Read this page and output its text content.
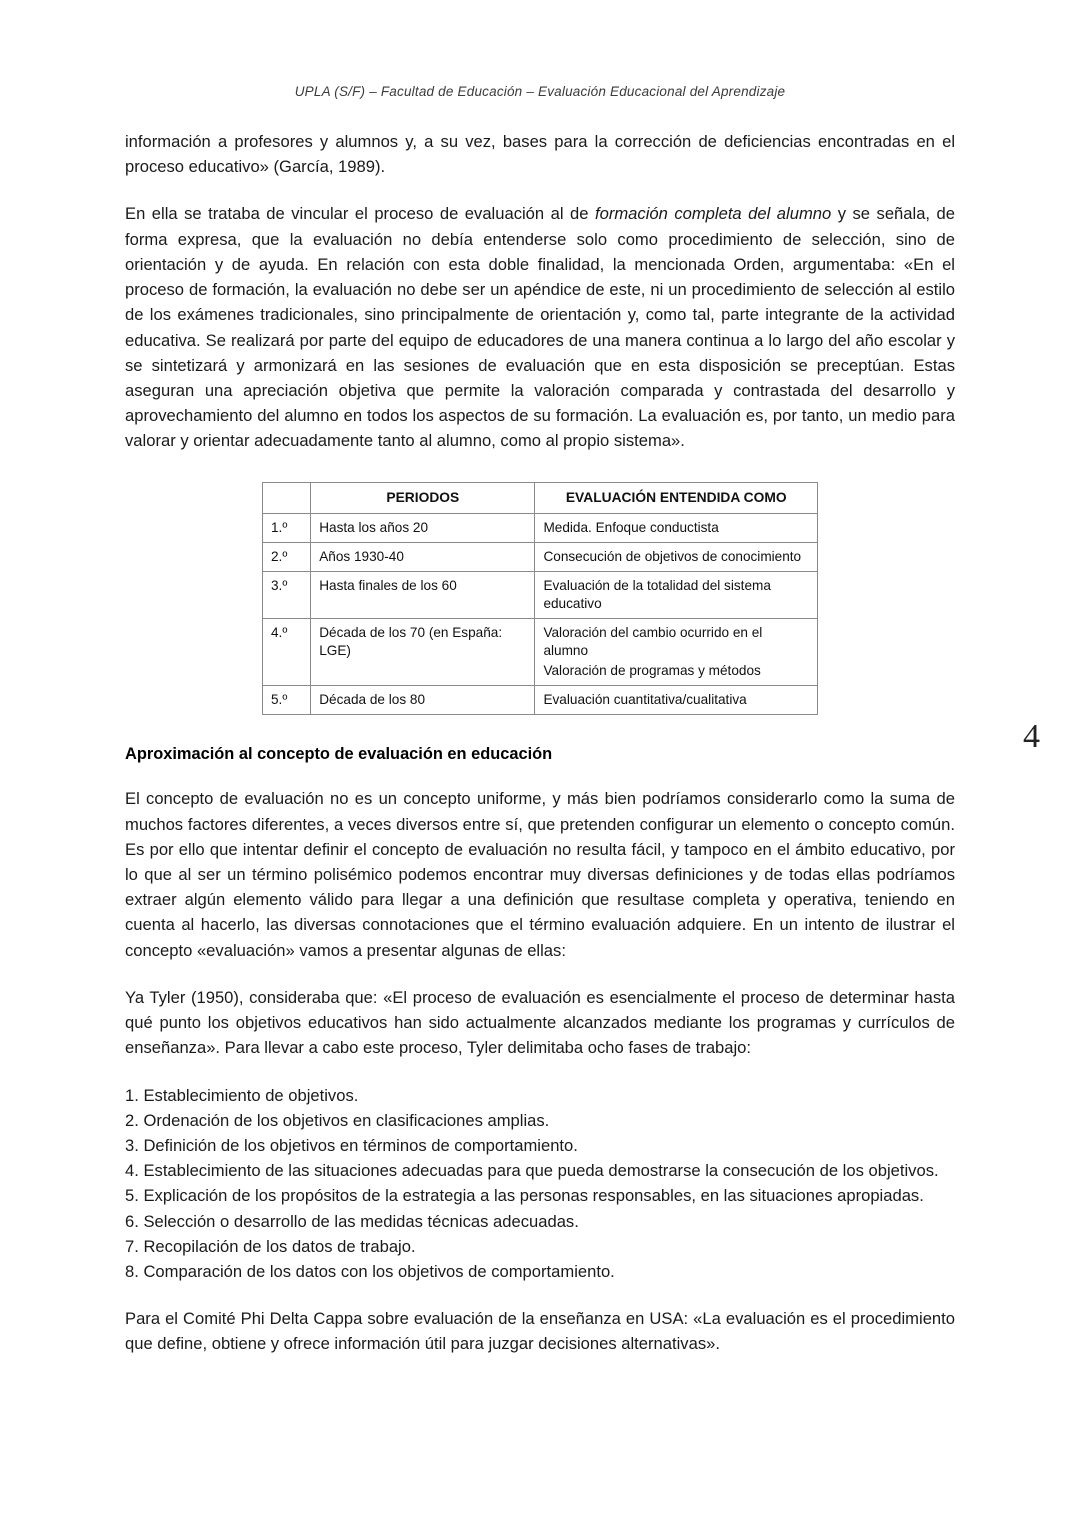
UPLA (S/F) – Facultad de Educación – Evaluación Educacional del Aprendizaje
4

información a profesores y alumnos y, a su vez, bases para la corrección de deficiencias encontradas en el proceso educativo» (García, 1989).

En ella se trataba de vincular el proceso de evaluación al de formación completa del alumno y se señala, de forma expresa, que la evaluación no debía entenderse solo como procedimiento de selección, sino de orientación y de ayuda. En relación con esta doble finalidad, la mencionada Orden, argumentaba: «En el proceso de formación, la evaluación no debe ser un apéndice de este, ni un procedimiento de selección al estilo de los exámenes tradicionales, sino principalmente de orientación y, como tal, parte integrante de la actividad educativa. Se realizará por parte del equipo de educadores de una manera continua a lo largo del año escolar y se sintetizará y armonizará en las sesiones de evaluación que en esta disposición se preceptúan. Estas aseguran una apreciación objetiva que permite la valoración comparada y contrastada del desarrollo y aprovechamiento del alumno en todos los aspectos de su formación. La evaluación es, por tanto, un medio para valorar y orientar adecuadamente tanto al alumno, como al propio sistema».

	PERIODOS	EVALUACIÓN ENTENDIDA COMO
1.º	Hasta los años 20	Medida. Enfoque conductista

2.º	Años 1930-40	Consecución de objetivos de conocimiento

3.º	Hasta finales de los 60	Evaluación de la totalidad del sistema educativo

4.º	Década de los 70 (en España: LGE)	Valoración del cambio ocurrido en el alumno
Valoración de programas y métodos

5.º	Década de los 80	Evaluación cuantitativa/cualitativa
Aproximación al concepto de evaluación en educación

El concepto de evaluación no es un concepto uniforme, y más bien podríamos considerarlo como la suma de muchos factores diferentes, a veces diversos entre sí, que pretenden configurar un elemento o concepto común. Es por ello que intentar definir el concepto de evaluación no resulta fácil, y tampoco en el ámbito educativo, por lo que al ser un término polisémico podemos encontrar muy diversas definiciones y de todas ellas podríamos extraer algún elemento válido para llegar a una definición que resultase completa y operativa, teniendo en cuenta al hacerlo, las diversas connotaciones que el término evaluación adquiere. En un intento de ilustrar el concepto «evaluación» vamos a presentar algunas de ellas:

Ya Tyler (1950), consideraba que: «El proceso de evaluación es esencialmente el proceso de determinar hasta qué punto los objetivos educativos han sido actualmente alcanzados mediante los programas y currículos de enseñanza». Para llevar a cabo este proceso, Tyler delimitaba ocho fases de trabajo:

1. Establecimiento de objetivos.
2. Ordenación de los objetivos en clasificaciones amplias.
3. Definición de los objetivos en términos de comportamiento.
4. Establecimiento de las situaciones adecuadas para que pueda demostrarse la consecución de los objetivos.
5. Explicación de los propósitos de la estrategia a las personas responsables, en las situaciones apropiadas.
6. Selección o desarrollo de las medidas técnicas adecuadas.
7. Recopilación de los datos de trabajo.
8. Comparación de los datos con los objetivos de comportamiento.

Para el Comité Phi Delta Cappa sobre evaluación de la enseñanza en USA: «La evaluación es el procedimiento que define, obtiene y ofrece información útil para juzgar decisiones alternativas».
